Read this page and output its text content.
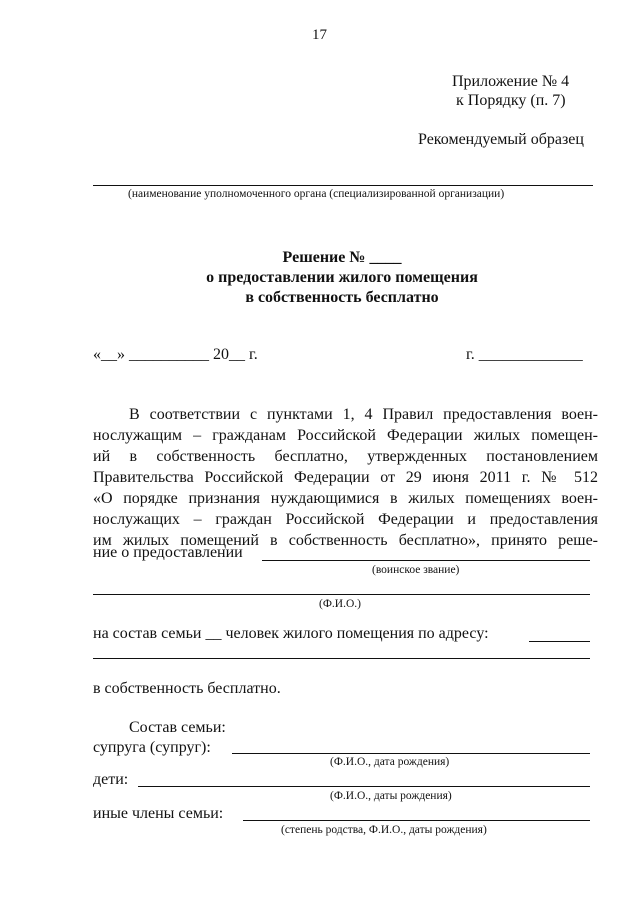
17
Приложение № 4
к Порядку (п. 7)
Рекомендуемый образец
(наименование уполномоченного органа (специализированной организации)
Решение № ____
о предоставлении жилого помещения
в собственность бесплатно
«__» __________ 20__ г.	г. _____________
В соответствии с пунктами 1, 4 Правил предоставления воен-
нослужащим – гражданам Российской Федерации жилых помещен-
ий в собственность бесплатно, утвержденных постановлением
Правительства Российской Федерации от 29 июня 2011 г. № 512
«О порядке признания нуждающимися в жилых помещениях воен-
нослужащих – граждан Российской Федерации и предоставления
им жилых помещений в собственность бесплатно», принято реше-
ние о предоставлении
(воинское звание)
(Ф.И.О.)
на состав семьи __ человек жилого помещения по адресу:
в собственность бесплатно.
Состав семьи:
супруга (супруг):
(Ф.И.О., дата рождения)
дети:
(Ф.И.О., даты рождения)
иные члены семьи:
(степень родства, Ф.И.О., даты рождения)
